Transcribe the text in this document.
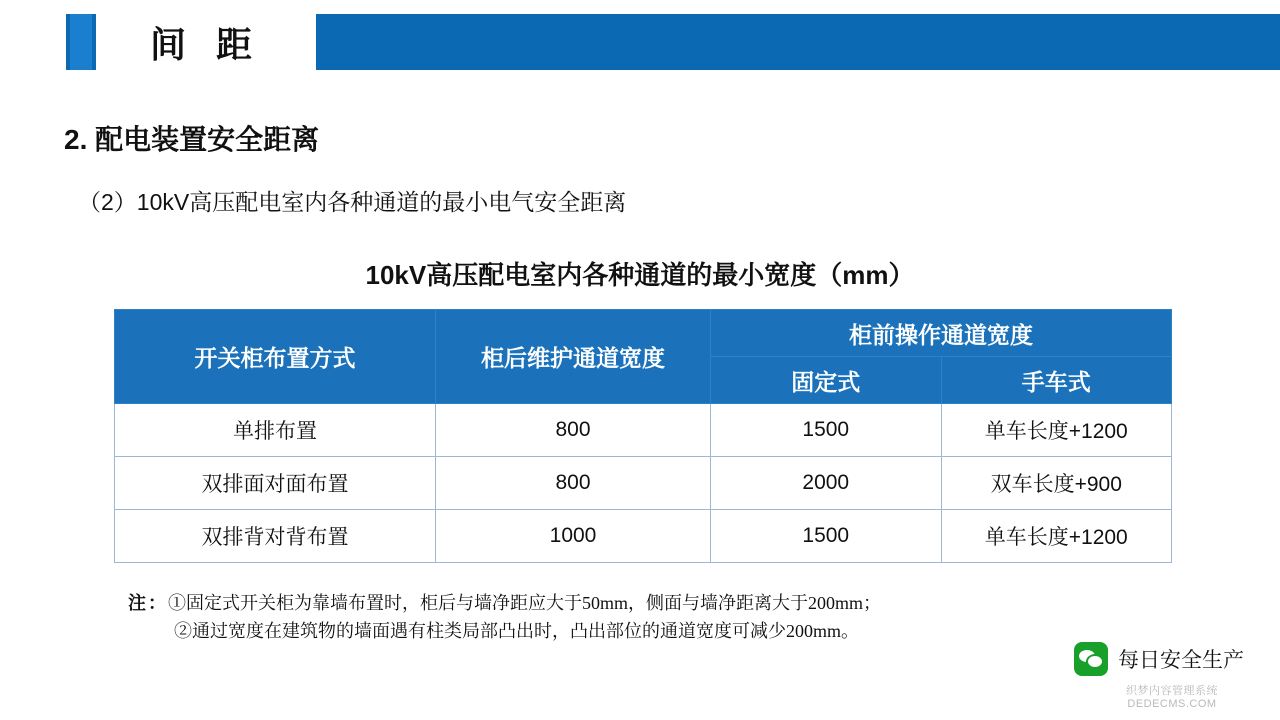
间 距
2. 配电装置安全距离
（2）10kV高压配电室内各种通道的最小电气安全距离
10kV高压配电室内各种通道的最小宽度（mm）
开关柜布置方式	柜后维护通道宽度	柜前操作通道宽度	
		固定式	手车式
单排布置	800	1500	单车长度+1200
双排面对面布置	800	2000	双车长度+900
双排背对背布置	1000	1500	单车长度+1200
注：①固定式开关柜为靠墙布置时，柜后与墙净距应大于50mm，侧面与墙净距离大于200mm；
②通过宽度在建筑物的墙面遇有柱类局部凸出时，凸出部位的通道宽度可减少200mm。
每日安全生产
织梦内容管理系统
DEDECMS.COM
